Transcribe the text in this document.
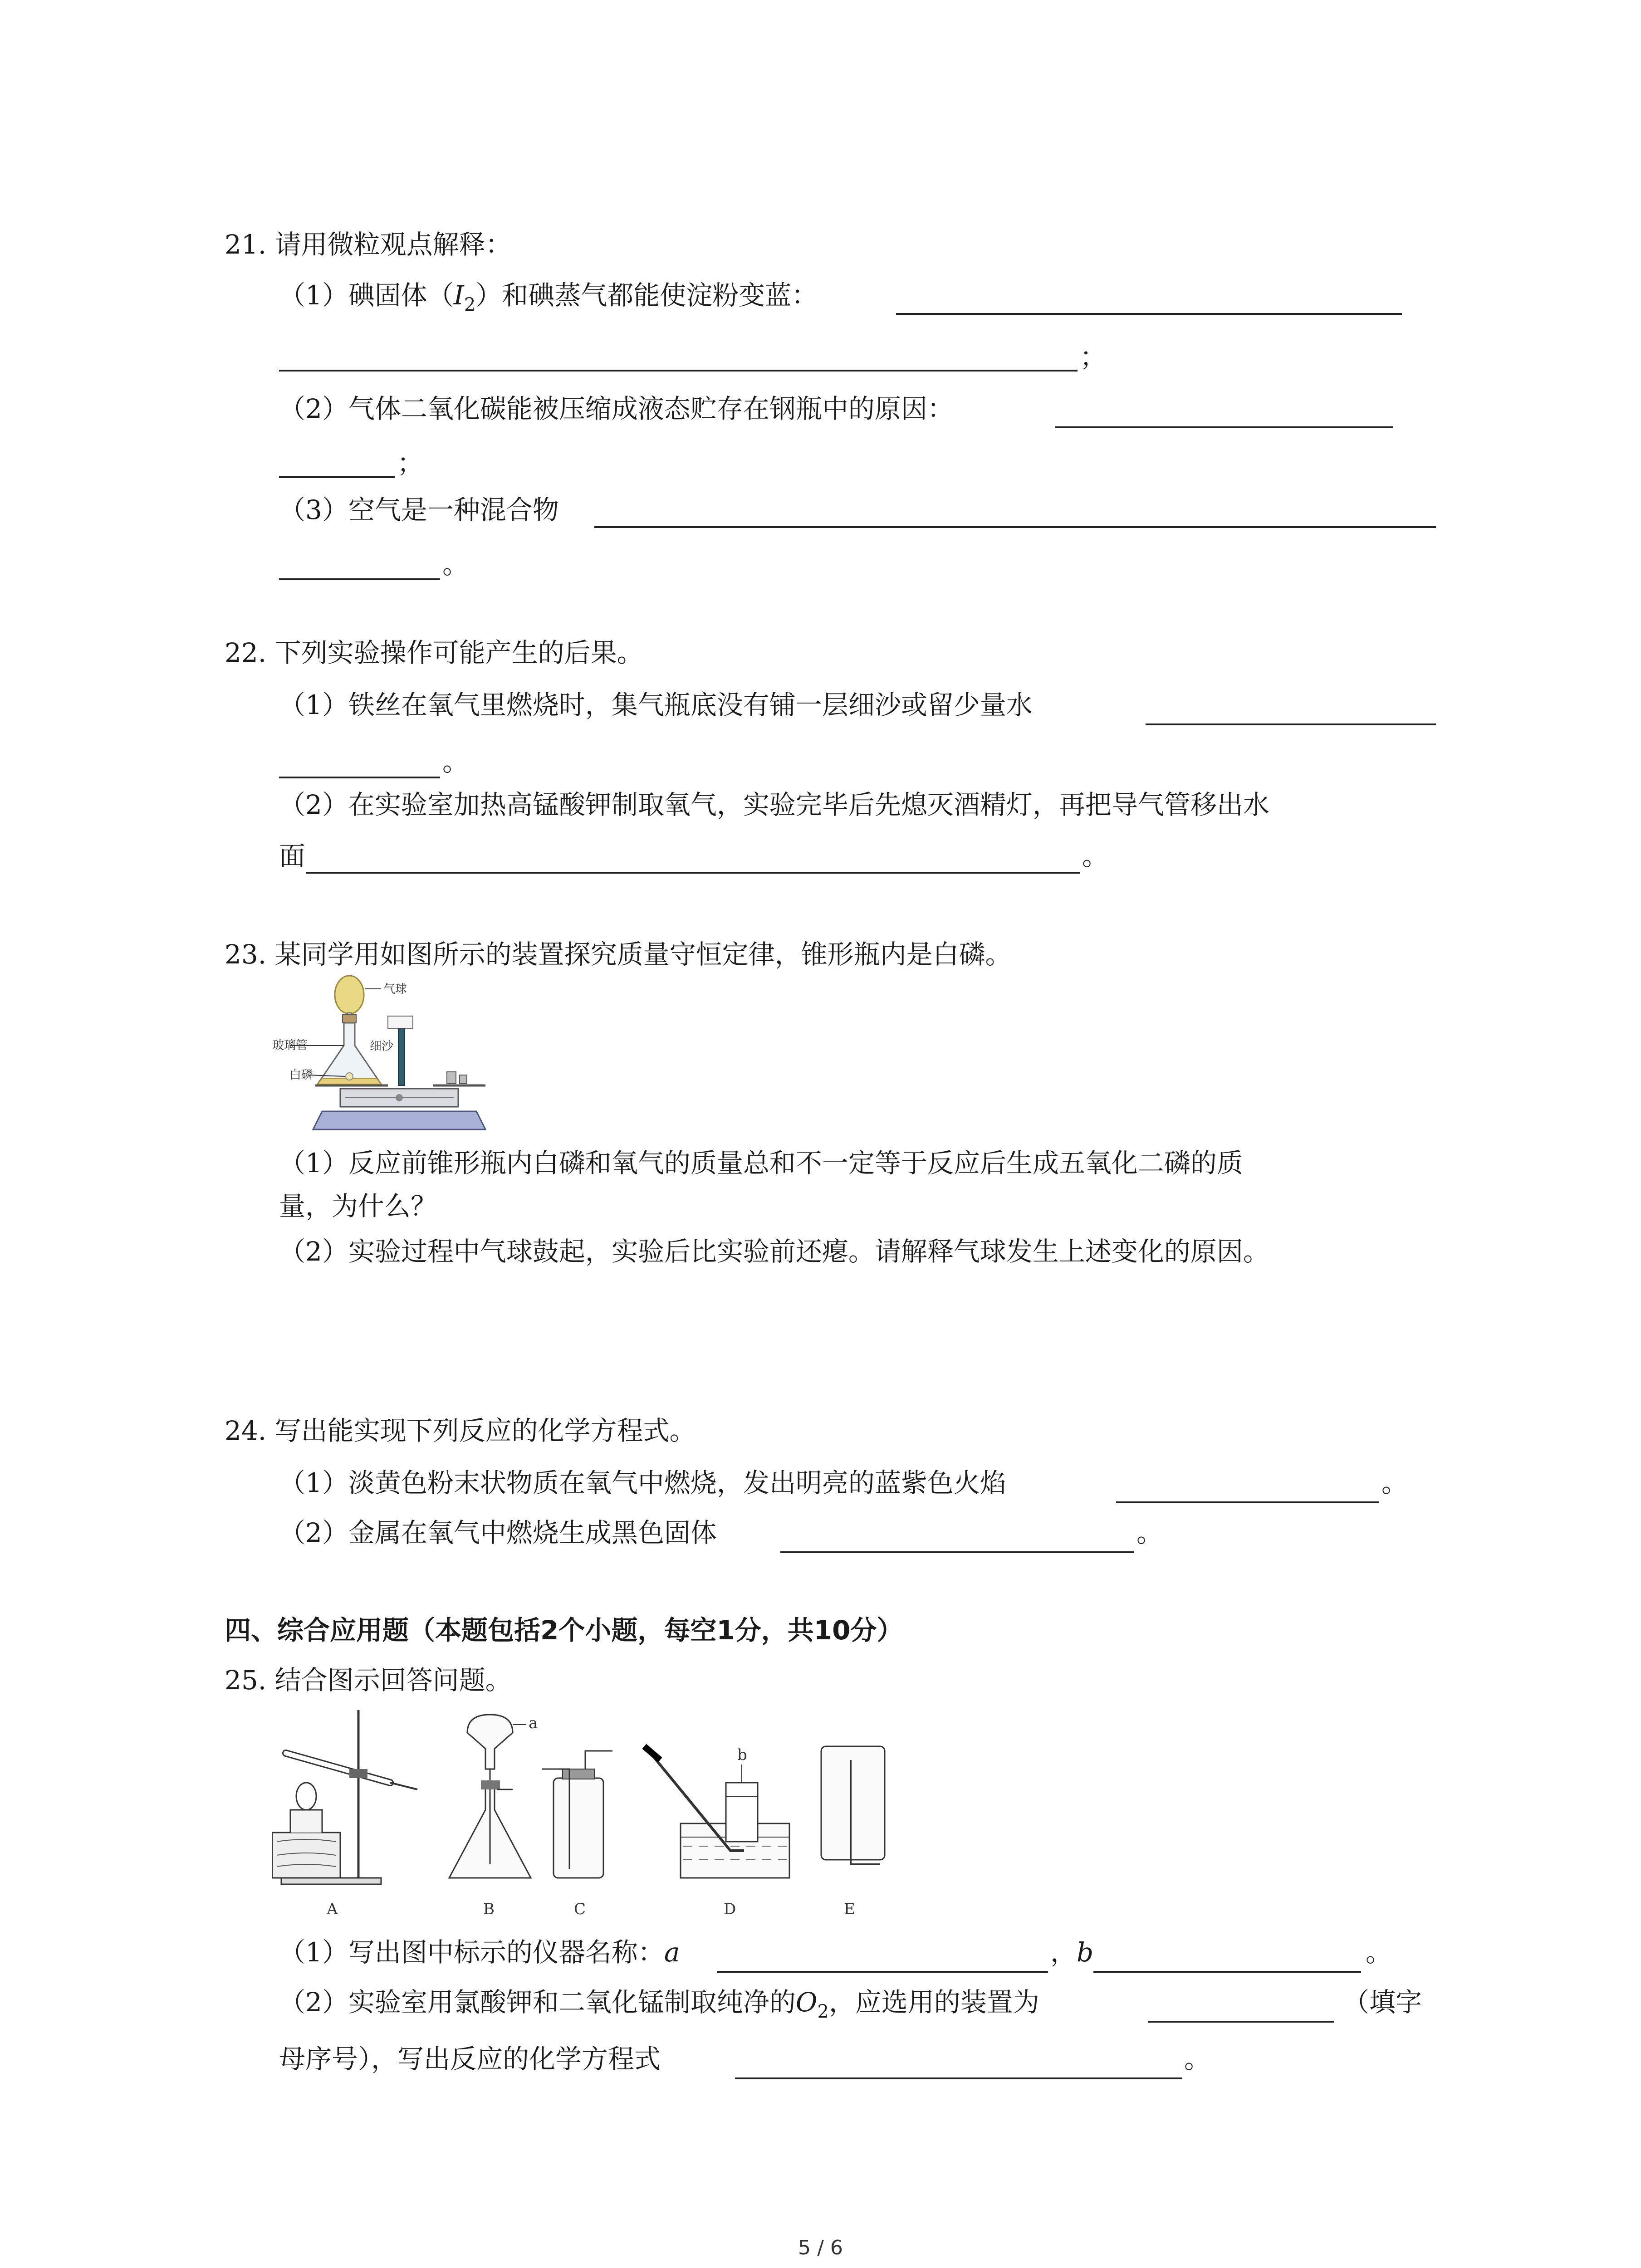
21. 请用微粒观点解释：
（1）碘固体$(I_2)$和碘蒸气都能使淀粉变蓝：
；
（2）气体二氧化碳能被压缩成液态贮存在钢瓶中的原因：
；
（3）空气是一种混合物
。
22. 下列实验操作可能产生的后果。
（1）铁丝在氧气里燃烧时，集气瓶底没有铺一层细沙或留少量水
。
（2）在实验室加热高锰酸钾制取氧气，实验完毕后先熄灭酒精灯，再把导气管移出水
面	。
23. 某同学用如图所示的装置探究质量守恒定律，锥形瓶内是白磷。
气球
玻璃管
白磷
细沙
（1）反应前锥形瓶内白磷和氧气的质量总和不一定等于反应后生成五氧化二磷的质
量，为什么？
（2）实验过程中气球鼓起，实验后比实验前还瘪。请解释气球发生上述变化的原因。
24. 写出能实现下列反应的化学方程式。
（1）淡黄色粉末状物质在氧气中燃烧，发出明亮的蓝紫色火焰	。
（2）金属在氧气中燃烧生成黑色固体	。
四、综合应用题（本题包括2个小题，每空1分，共10分）
25. 结合图示回答问题。
A
a
B	C
b
D	E
（1）写出图中标示的仪器名称：a	，b	。
（2）实验室用氯酸钾和二氧化锰制取纯净的$O_2$，应选用的装置为	（填字
母序号），写出反应的化学方程式	。
5 / 6
